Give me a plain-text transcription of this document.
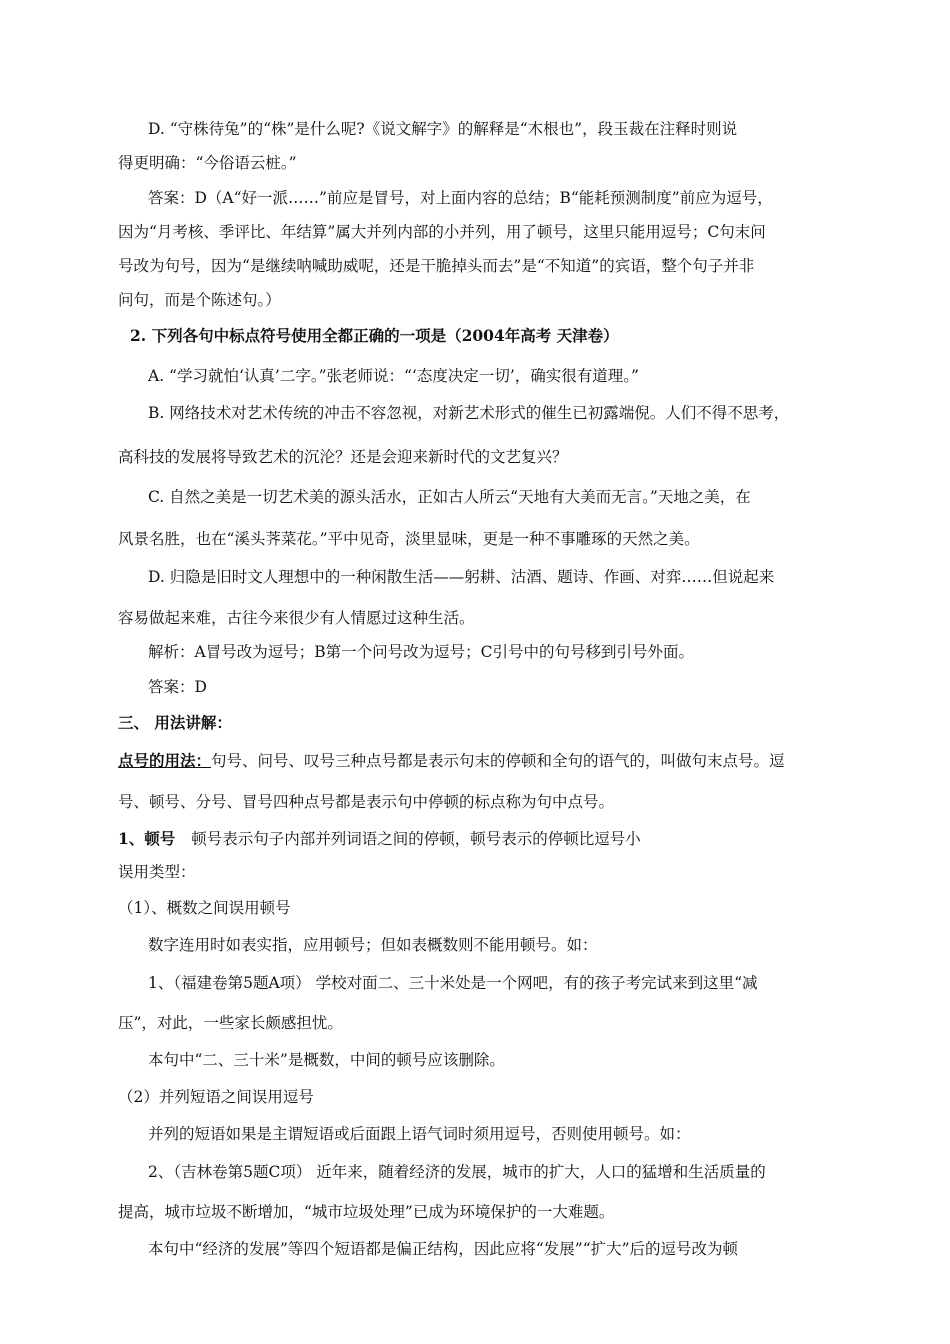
D. “守株待兔”的“株”是什么呢?《说文解字》的解释是“木根也”，段玉裁在注释时则说

得更明确：“今俗语云桩。”

答案：D（A“好一派……”前应是冒号，对上面内容的总结；B“能耗预测制度”前应为逗号，

因为“月考核、季评比、年结算”属大并列内部的小并列，用了顿号，这里只能用逗号；C句末问

号改为句号，因为“是继续呐喊助威呢，还是干脆掉头而去”是“不知道”的宾语，整个句子并非

问句，而是个陈述句。）

2. 下列各句中标点符号使用全都正确的一项是（2004年高考 天津卷）

A. “学习就怕‘认真’二字。”张老师说：“‘态度决定一切’，确实很有道理。”

B. 网络技术对艺术传统的冲击不容忽视，对新艺术形式的催生已初露端倪。人们不得不思考，

高科技的发展将导致艺术的沉沦？还是会迎来新时代的文艺复兴？

C. 自然之美是一切艺术美的源头活水，正如古人所云“天地有大美而无言。”天地之美，在

风景名胜，也在“溪头荠菜花。”平中见奇，淡里显味，更是一种不事雕琢的天然之美。

D. 归隐是旧时文人理想中的一种闲散生活——躬耕、沽酒、题诗、作画、对弈……但说起来

容易做起来难，古往今来很少有人情愿过这种生活。

解析：A冒号改为逗号；B第一个问号改为逗号；C引号中的句号移到引号外面。

答案：D

三、 用法讲解：

点号的用法：句号、问号、叹号三种点号都是表示句末的停顿和全句的语气的，叫做句末点号。逗

号、顿号、分号、冒号四种点号都是表示句中停顿的标点称为句中点号。

1、顿号 顿号表示句子内部并列词语之间的停顿，顿号表示的停顿比逗号小

误用类型：

（1）、概数之间误用顿号

数字连用时如表实指，应用顿号；但如表概数则不能用顿号。如：

1、（福建卷第5题A项） 学校对面二、三十米处是一个网吧，有的孩子考完试来到这里“减

压”，对此，一些家长颇感担忧。

本句中“二、三十米”是概数，中间的顿号应该删除。

（2）并列短语之间误用逗号

并列的短语如果是主谓短语或后面跟上语气词时须用逗号，否则使用顿号。如：

2、（吉林卷第5题C项） 近年来，随着经济的发展，城市的扩大，人口的猛增和生活质量的

提高，城市垃圾不断增加，“城市垃圾处理”已成为环境保护的一大难题。

本句中“经济的发展”等四个短语都是偏正结构，因此应将“发展”“扩大”后的逗号改为顿
